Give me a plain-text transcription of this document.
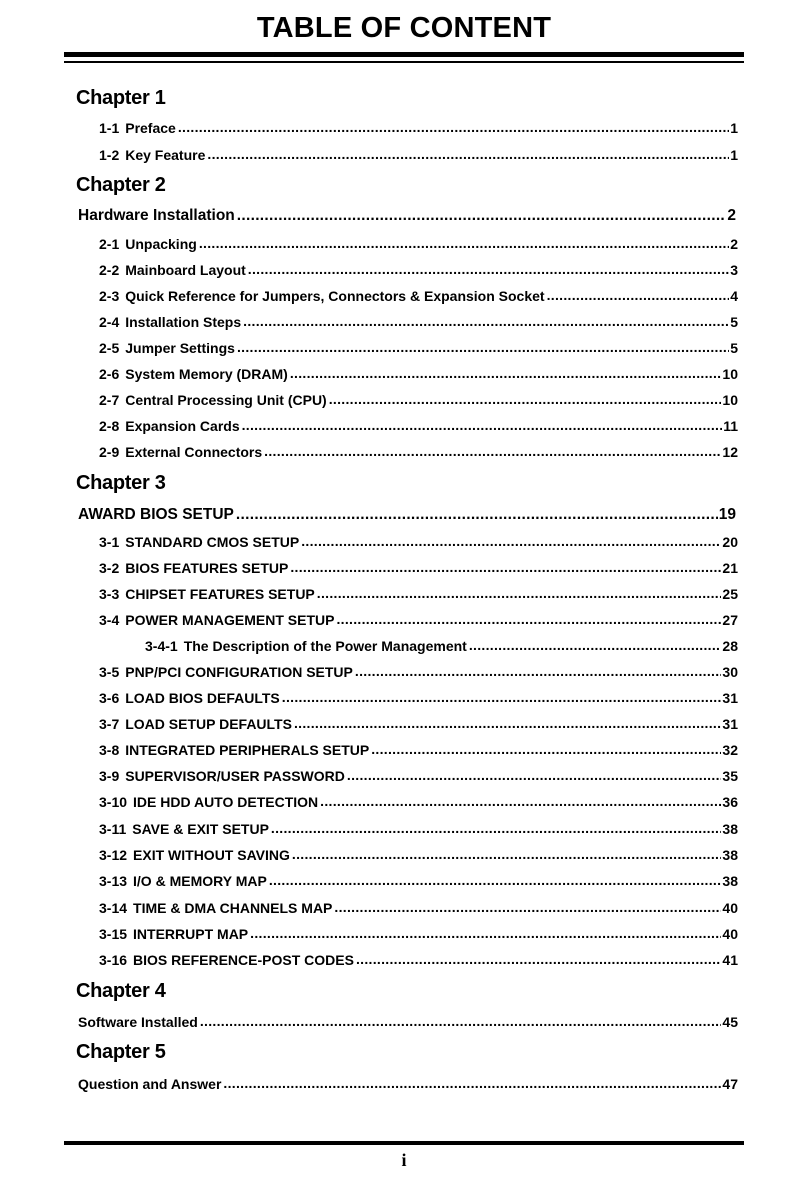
TABLE OF CONTENT
Chapter 1
1-1 Preface .....	1
1-2 Key Feature .....	1
Chapter 2
Hardware Installation .....	2
2-1 Unpacking .....	2
2-2 Mainboard Layout .....	3
2-3 Quick Reference for Jumpers, Connectors & Expansion Socket .....	4
2-4 Installation Steps .....	5
2-5 Jumper Settings .....	5
2-6 System Memory (DRAM) .....	10
2-7 Central Processing Unit (CPU) .....	10
2-8 Expansion Cards .....	11
2-9 External Connectors .....	12
Chapter 3
AWARD BIOS SETUP .....	19
3-1 STANDARD CMOS SETUP .....	20
3-2 BIOS FEATURES SETUP .....	21
3-3 CHIPSET FEATURES SETUP .....	25
3-4 POWER MANAGEMENT SETUP .....	27
3-4-1 The Description of the Power Management .....	28
3-5 PNP/PCI CONFIGURATION SETUP .....	30
3-6 LOAD BIOS DEFAULTS .....	31
3-7 LOAD SETUP DEFAULTS .....	31
3-8 INTEGRATED PERIPHERALS SETUP .....	32
3-9 SUPERVISOR/USER PASSWORD .....	35
3-10 IDE HDD AUTO DETECTION .....	36
3-11 SAVE & EXIT SETUP .....	38
3-12 EXIT WITHOUT SAVING .....	38
3-13 I/O & MEMORY MAP .....	38
3-14 TIME & DMA CHANNELS MAP .....	40
3-15 INTERRUPT MAP .....	40
3-16 BIOS REFERENCE-POST CODES .....	41
Chapter 4
Software Installed .....	45
Chapter 5
Question and Answer .....	47
i
